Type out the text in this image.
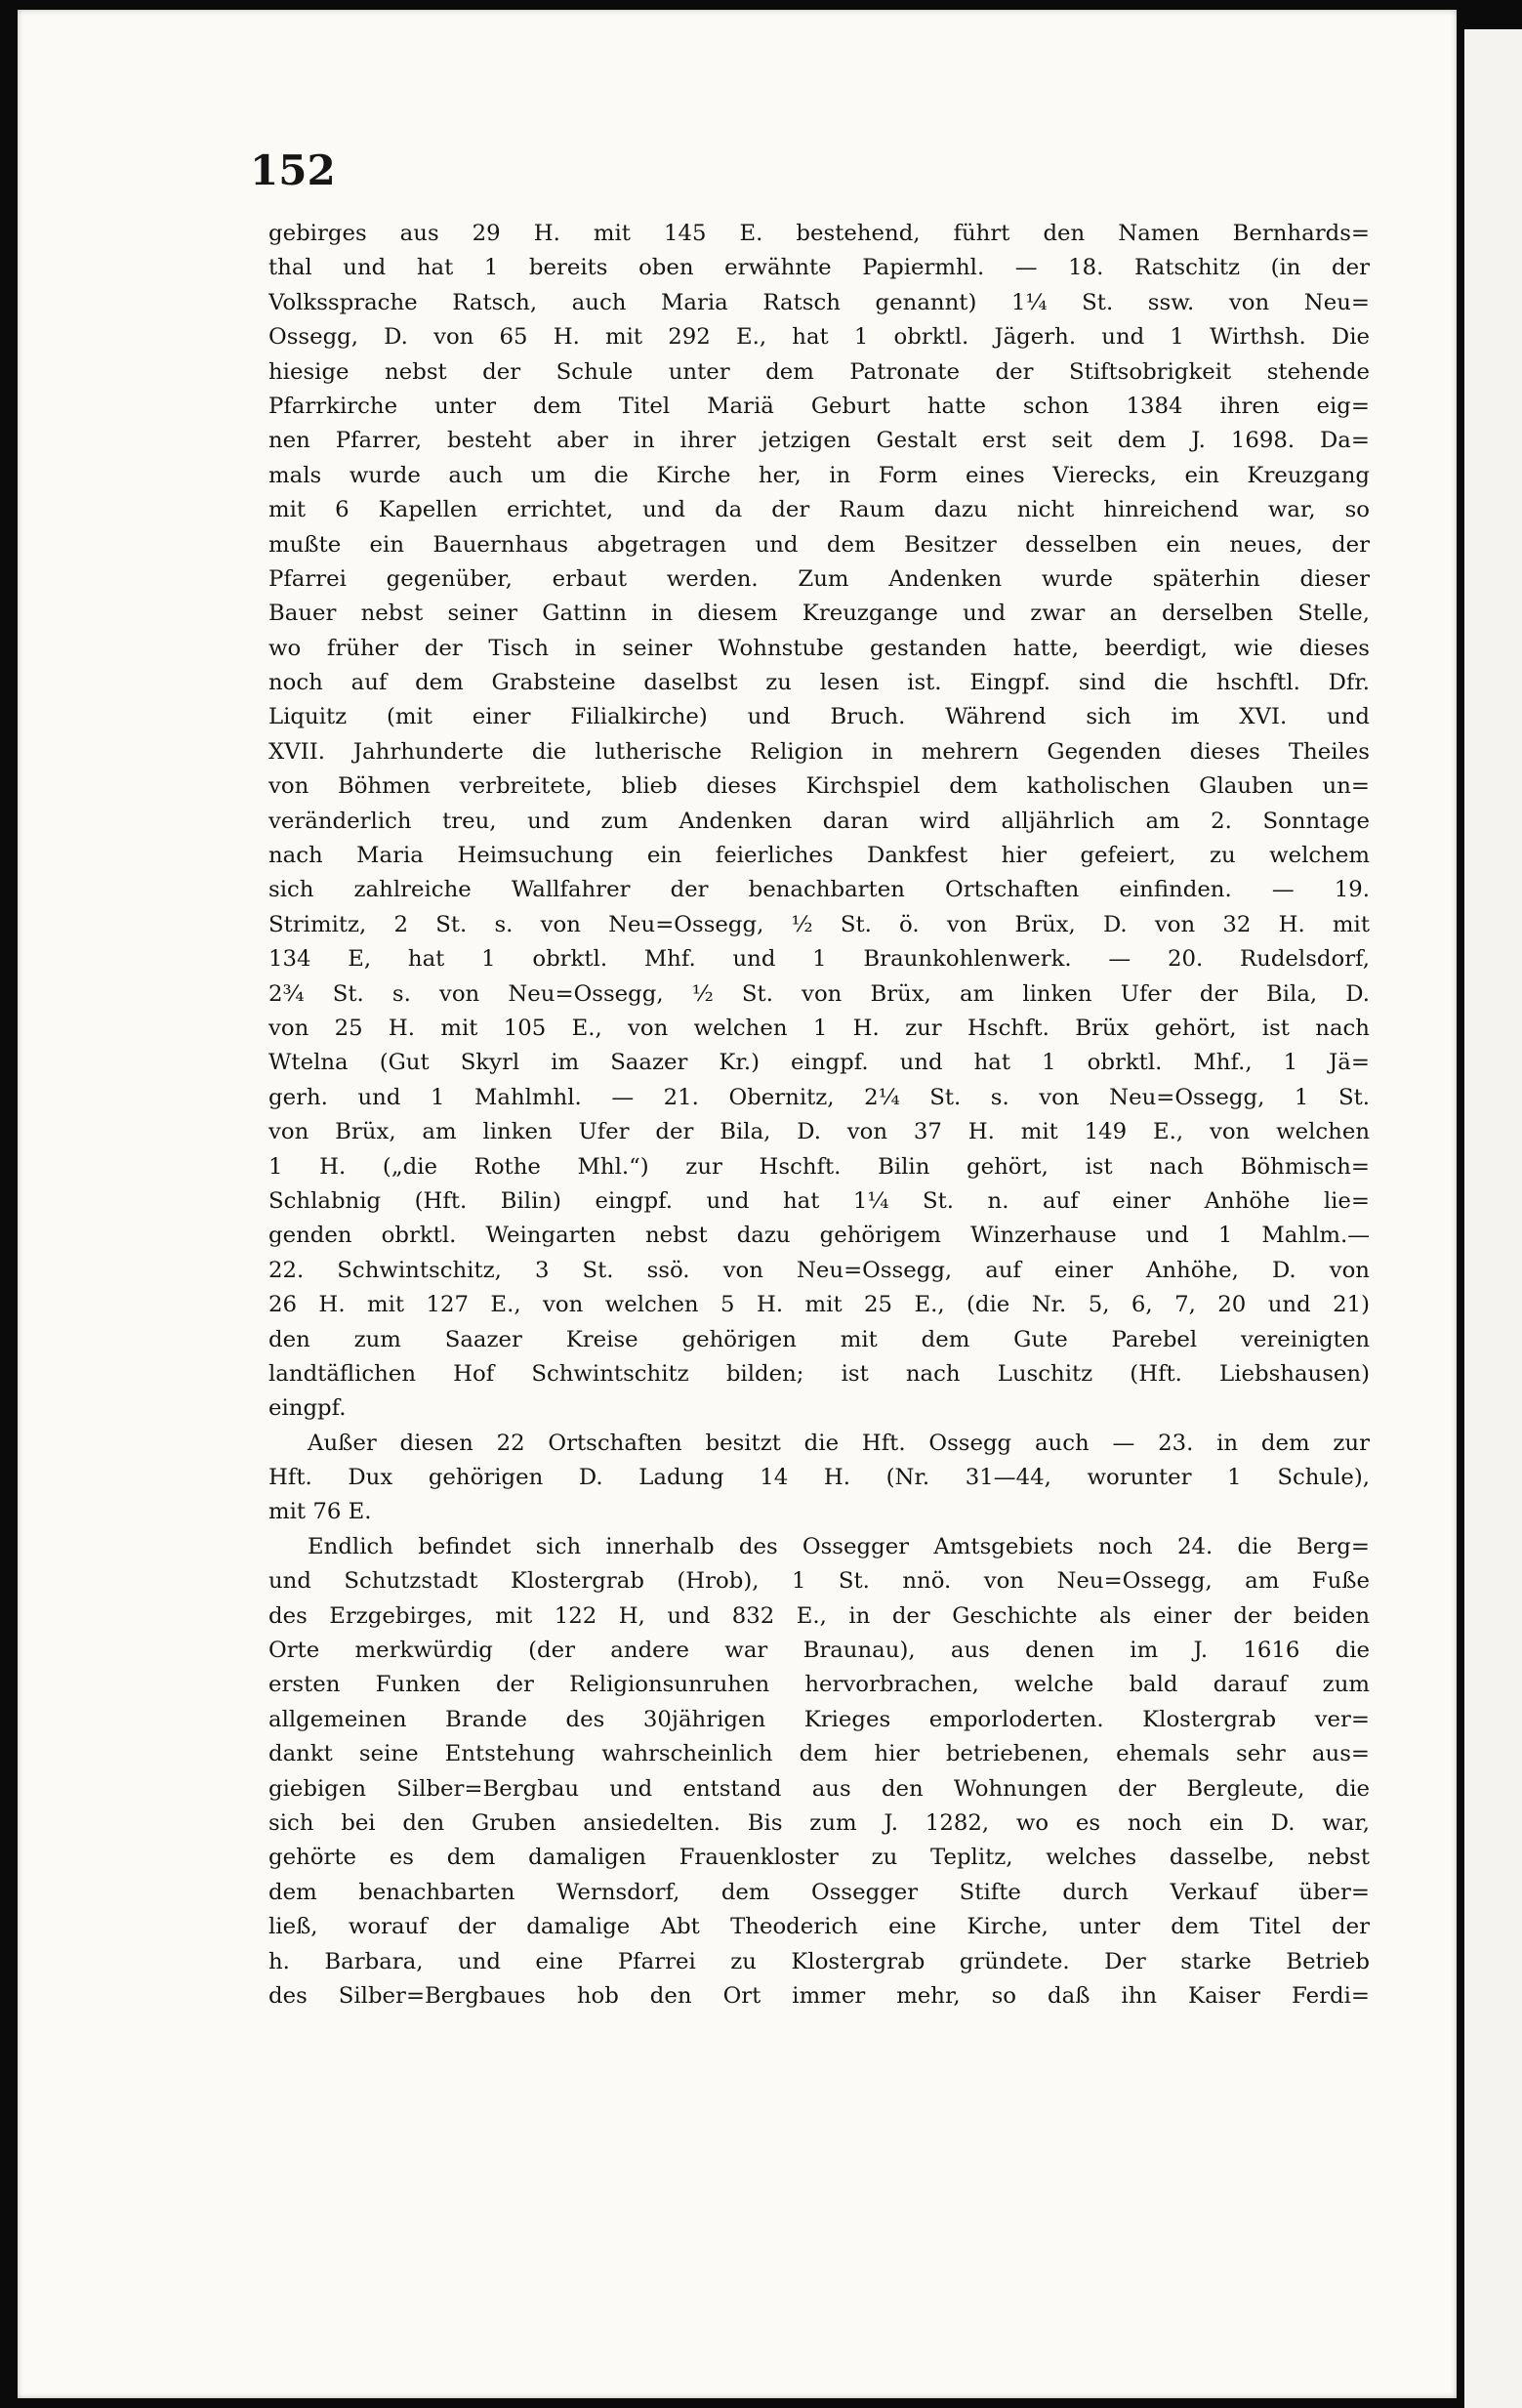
152
gebirges aus 29 H. mit 145 E. bestehend, führt den Namen Bernhards=
thal und hat 1 bereits oben erwähnte Papiermhl. — 18. Ratschitz (in der
Volkssprache Ratsch, auch Maria Ratsch genannt) 1¼ St. ssw. von Neu=
Ossegg, D. von 65 H. mit 292 E., hat 1 obrktl. Jägerh. und 1 Wirthsh. Die
hiesige nebst der Schule unter dem Patronate der Stiftsobrigkeit stehende
Pfarrkirche unter dem Titel Mariä Geburt hatte schon 1384 ihren eig=
nen Pfarrer, besteht aber in ihrer jetzigen Gestalt erst seit dem J. 1698. Da=
mals wurde auch um die Kirche her, in Form eines Vierecks, ein Kreuzgang
mit 6 Kapellen errichtet, und da der Raum dazu nicht hinreichend war, so
mußte ein Bauernhaus abgetragen und dem Besitzer desselben ein neues, der
Pfarrei gegenüber, erbaut werden. Zum Andenken wurde späterhin dieser
Bauer nebst seiner Gattinn in diesem Kreuzgange und zwar an derselben Stelle,
wo früher der Tisch in seiner Wohnstube gestanden hatte, beerdigt, wie dieses
noch auf dem Grabsteine daselbst zu lesen ist. Eingpf. sind die hschftl. Dfr.
Liquitz (mit einer Filialkirche) und Bruch. Während sich im XVI. und
XVII. Jahrhunderte die lutherische Religion in mehrern Gegenden dieses Theiles
von Böhmen verbreitete, blieb dieses Kirchspiel dem katholischen Glauben un=
veränderlich treu, und zum Andenken daran wird alljährlich am 2. Sonntage
nach Maria Heimsuchung ein feierliches Dankfest hier gefeiert, zu welchem
sich zahlreiche Wallfahrer der benachbarten Ortschaften einfinden. — 19.
Strimitz, 2 St. s. von Neu=Ossegg, ½ St. ö. von Brüx, D. von 32 H. mit
134 E, hat 1 obrktl. Mhf. und 1 Braunkohlenwerk. — 20. Rudelsdorf,
2¾ St. s. von Neu=Ossegg, ½ St. von Brüx, am linken Ufer der Bila, D.
von 25 H. mit 105 E., von welchen 1 H. zur Hschft. Brüx gehört, ist nach
Wtelna (Gut Skyrl im Saazer Kr.) eingpf. und hat 1 obrktl. Mhf., 1 Jä=
gerh. und 1 Mahlmhl. — 21. Obernitz, 2¼ St. s. von Neu=Ossegg, 1 St.
von Brüx, am linken Ufer der Bila, D. von 37 H. mit 149 E., von welchen
1 H. („die Rothe Mhl.“) zur Hschft. Bilin gehört, ist nach Böhmisch=
Schlabnig (Hft. Bilin) eingpf. und hat 1¼ St. n. auf einer Anhöhe lie=
genden obrktl. Weingarten nebst dazu gehörigem Winzerhause und 1 Mahlm.—
22. Schwintschitz, 3 St. ssö. von Neu=Ossegg, auf einer Anhöhe, D. von
26 H. mit 127 E., von welchen 5 H. mit 25 E., (die Nr. 5, 6, 7, 20 und 21)
den zum Saazer Kreise gehörigen mit dem Gute Parebel vereinigten
landtäflichen Hof Schwintschitz bilden; ist nach Luschitz (Hft. Liebshausen)
eingpf.
Außer diesen 22 Ortschaften besitzt die Hft. Ossegg auch — 23. in dem zur
Hft. Dux gehörigen D. Ladung 14 H. (Nr. 31—44, worunter 1 Schule),
mit 76 E.
Endlich befindet sich innerhalb des Ossegger Amtsgebiets noch 24. die Berg=
und Schutzstadt Klostergrab (Hrob), 1 St. nnö. von Neu=Ossegg, am Fuße
des Erzgebirges, mit 122 H, und 832 E., in der Geschichte als einer der beiden
Orte merkwürdig (der andere war Braunau), aus denen im J. 1616 die
ersten Funken der Religionsunruhen hervorbrachen, welche bald darauf zum
allgemeinen Brande des 30jährigen Krieges emporloderten. Klostergrab ver=
dankt seine Entstehung wahrscheinlich dem hier betriebenen, ehemals sehr aus=
giebigen Silber=Bergbau und entstand aus den Wohnungen der Bergleute, die
sich bei den Gruben ansiedelten. Bis zum J. 1282, wo es noch ein D. war,
gehörte es dem damaligen Frauenkloster zu Teplitz, welches dasselbe, nebst
dem benachbarten Wernsdorf, dem Ossegger Stifte durch Verkauf über=
ließ, worauf der damalige Abt Theoderich eine Kirche, unter dem Titel der
h. Barbara, und eine Pfarrei zu Klostergrab gründete. Der starke Betrieb
des Silber=Bergbaues hob den Ort immer mehr, so daß ihn Kaiser Ferdi=
